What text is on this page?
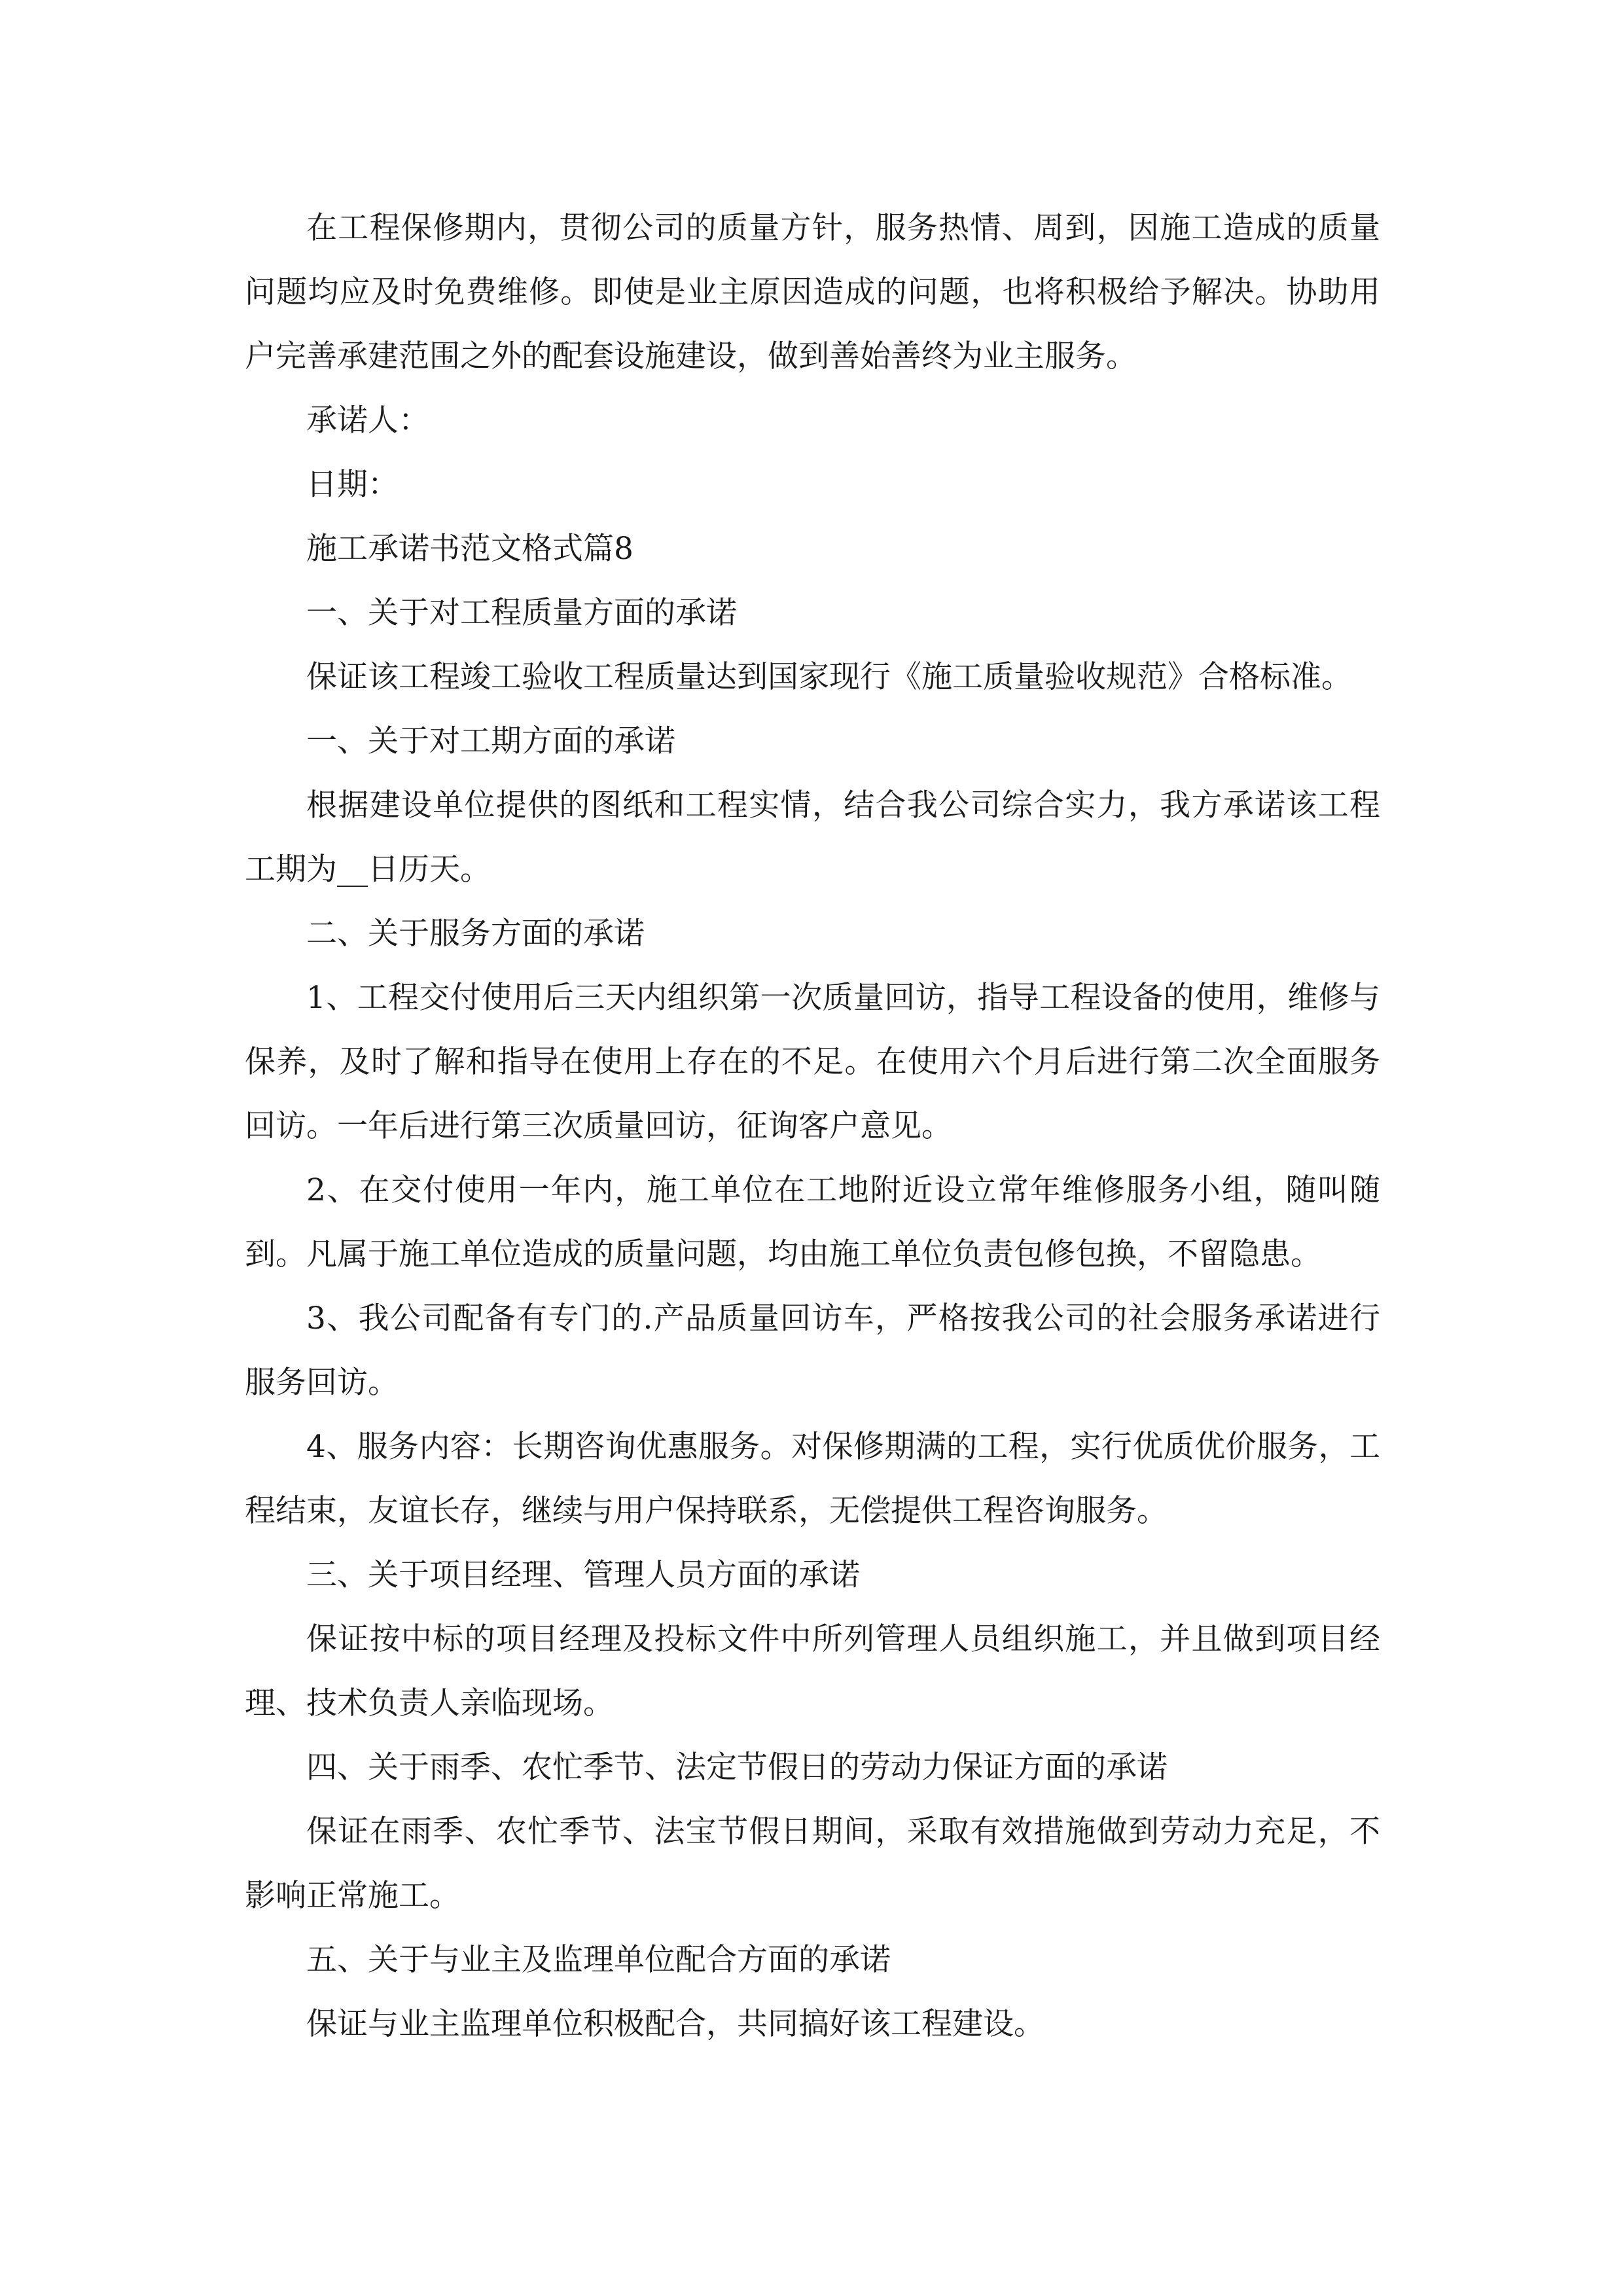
在工程保修期内，贯彻公司的质量方针，服务热情、周到，因施工造成的质量问题均应及时免费维修。即使是业主原因造成的问题，也将积极给予解决。协助用户完善承建范围之外的配套设施建设，做到善始善终为业主服务。

承诺人：

日期：

施工承诺书范文格式篇8

一、关于对工程质量方面的承诺

保证该工程竣工验收工程质量达到国家现行《施工质量验收规范》合格标准。

一、关于对工期方面的承诺

根据建设单位提供的图纸和工程实情，结合我公司综合实力，我方承诺该工程工期为__日历天。

二、关于服务方面的承诺

1、工程交付使用后三天内组织第一次质量回访，指导工程设备的使用，维修与保养，及时了解和指导在使用上存在的不足。在使用六个月后进行第二次全面服务回访。一年后进行第三次质量回访，征询客户意见。

2、在交付使用一年内，施工单位在工地附近设立常年维修服务小组，随叫随到。凡属于施工单位造成的质量问题，均由施工单位负责包修包换，不留隐患。

3、我公司配备有专门的.产品质量回访车，严格按我公司的社会服务承诺进行服务回访。

4、服务内容：长期咨询优惠服务。对保修期满的工程，实行优质优价服务，工程结束，友谊长存，继续与用户保持联系，无偿提供工程咨询服务。

三、关于项目经理、管理人员方面的承诺

保证按中标的项目经理及投标文件中所列管理人员组织施工，并且做到项目经理、技术负责人亲临现场。

四、关于雨季、农忙季节、法定节假日的劳动力保证方面的承诺

保证在雨季、农忙季节、法宝节假日期间，采取有效措施做到劳动力充足，不影响正常施工。

五、关于与业主及监理单位配合方面的承诺

保证与业主监理单位积极配合，共同搞好该工程建设。
